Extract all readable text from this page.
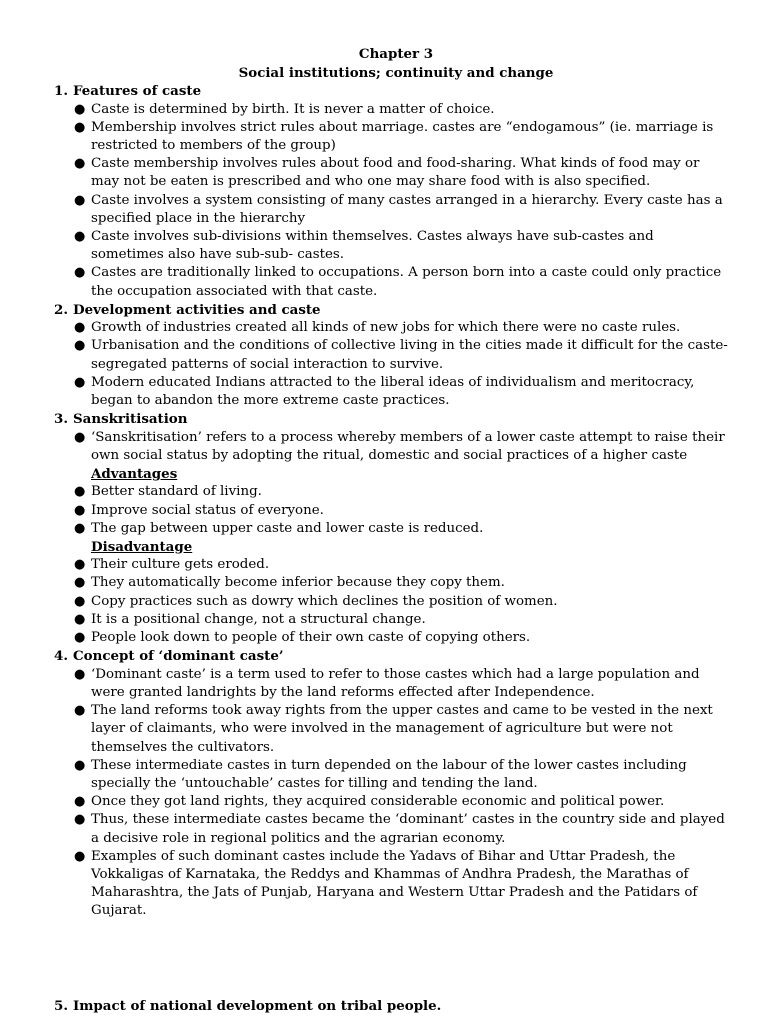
Chapter 3
Social institutions; continuity and change
1. Features of caste
● Caste is determined by birth. It is never a matter of choice.
● Membership involves strict rules about marriage. castes are “endogamous” (ie. marriage is restricted to members of the group)
● Caste membership involves rules about food and food-sharing. What kinds of food may or may not be eaten is prescribed and who one may share food with is also specified.
● Caste involves a system consisting of many castes arranged in a hierarchy. Every caste has a specified place in the hierarchy
● Caste involves sub-divisions within themselves. Castes always have sub-castes and sometimes also have sub-sub- castes.
● Castes are traditionally linked to occupations. A person born into a caste could only practice the occupation associated with that caste.
2. Development activities and caste
● Growth of industries created all kinds of new jobs for which there were no caste rules.
● Urbanisation and the conditions of collective living in the cities made it difficult for the caste-segregated patterns of social interaction to survive.
● Modern educated Indians attracted to the liberal ideas of individualism and meritocracy, began to abandon the more extreme caste practices.
3. Sanskritisation
● ‘Sanskritisation’ refers to a process whereby members of a lower caste attempt to raise their own social status by adopting the ritual, domestic and social practices of a higher caste
Advantages
● Better standard of living.
● Improve social status of everyone.
● The gap between upper caste and lower caste is reduced.
Disadvantage
● Their culture gets eroded.
● They automatically become inferior because they copy them.
● Copy practices such as dowry which declines the position of women.
● It is a positional change, not a structural change.
● People look down to people of their own caste of copying others.
4. Concept of ‘dominant caste’
● ‘Dominant caste’ is a term used to refer to those castes which had a large population and were granted landrights by the land reforms effected after Independence.
● The land reforms took away rights from the upper castes and came to be vested in the next layer of claimants, who were involved in the management of agriculture but were not themselves the cultivators.
● These intermediate castes in turn depended on the labour of the lower castes including specially the ‘untouchable’ castes for tilling and tending the land.
● Once they got land rights, they acquired considerable economic and political power.
● Thus, these intermediate castes became the ‘dominant’ castes in the country side and played a decisive role in regional politics and the agrarian economy.
● Examples of such dominant castes include the Yadavs of Bihar and Uttar Pradesh, the Vokkaligas of Karnataka, the Reddys and Khammas of Andhra Pradesh, the Marathas of Maharashtra, the Jats of Punjab, Haryana and Western Uttar Pradesh and the Patidars of Gujarat.
5. Impact of national development on tribal people.
